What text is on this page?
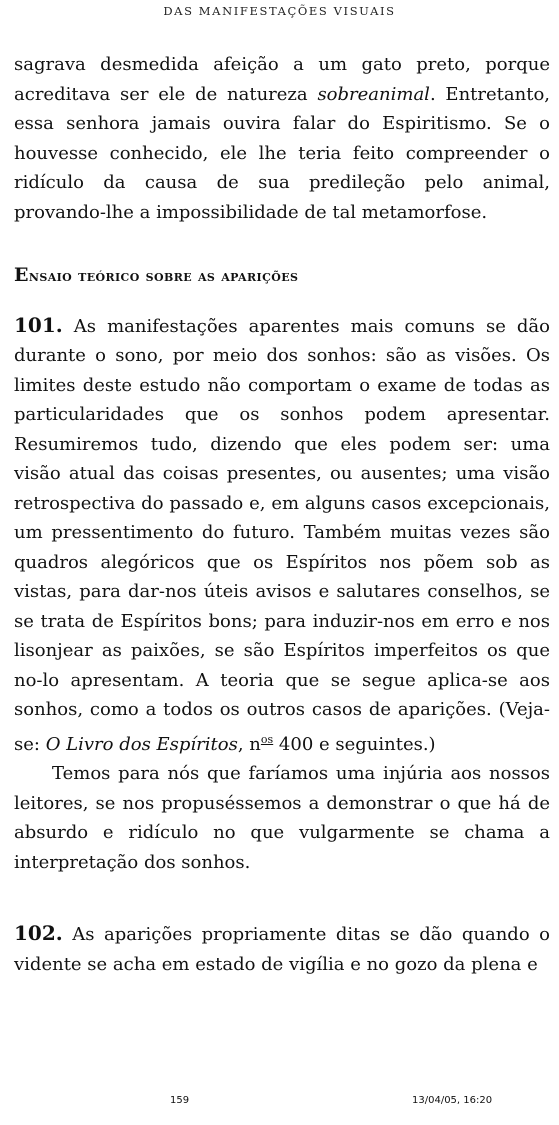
DAS MANIFESTAÇÕES VISUAIS

sagrava desmedida afeição a um gato preto, porque acreditava ser ele de natureza sobreanimal. Entretanto, essa senhora jamais ouvira falar do Espiritismo. Se o houvesse conhecido, ele lhe teria feito compreender o ridículo da causa de sua predileção pelo animal, provando-lhe a impossibilidade de tal metamorfose.

Ensaio teórico sobre as aparições

101. As manifestações aparentes mais comuns se dão durante o sono, por meio dos sonhos: são as visões. Os limites deste estudo não comportam o exame de todas as particularidades que os sonhos podem apresentar. Resumiremos tudo, dizendo que eles podem ser: uma visão atual das coisas presentes, ou ausentes; uma visão retrospectiva do passado e, em alguns casos excepcionais, um pressentimento do futuro. Também muitas vezes são quadros alegóricos que os Espíritos nos põem sob as vistas, para dar-nos úteis avisos e salutares conselhos, se se trata de Espíritos bons; para induzir-nos em erro e nos lisonjear as paixões, se são Espíritos imperfeitos os que no-lo apresentam. A teoria que se segue aplica-se aos sonhos, como a todos os outros casos de aparições. (Veja-se: O Livro dos Espíritos, $n^{os}$ 400 e seguintes.)

Temos para nós que faríamos uma injúria aos nossos leitores, se nos propuséssemos a demonstrar o que há de absurdo e ridículo no que vulgarmente se chama a interpretação dos sonhos.

102. As aparições propriamente ditas se dão quando o vidente se acha em estado de vigília e no gozo da plena e

159	13/04/05, 16:20
